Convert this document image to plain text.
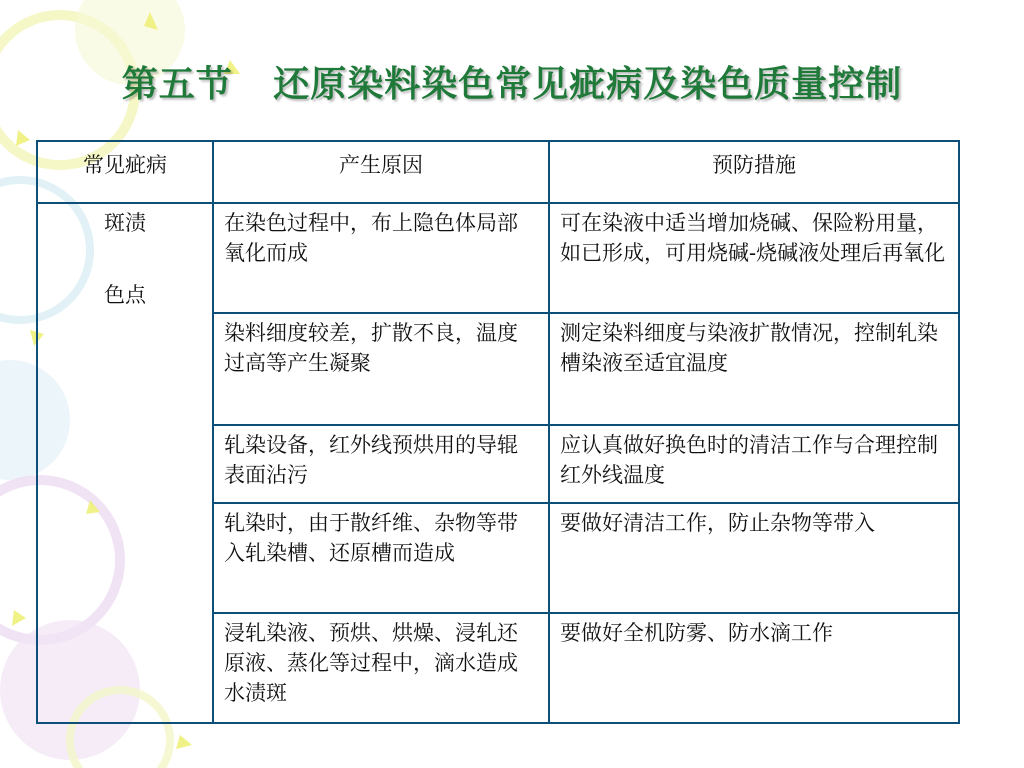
第五节   还原染料染色常见疵病及染色质量控制
常见疵病	产生原因	预防措施

斑渍
色点	在染色过程中，布上隐色体局部氧化而成	可在染液中适当增加烧碱、保险粉用量，如已形成，可用烧碱-烧碱液处理后再氧化
	染料细度较差，扩散不良，温度过高等产生凝聚	测定染料细度与染液扩散情况，控制轧染槽染液至适宜温度
	轧染设备，红外线预烘用的导辊表面沾污	应认真做好换色时的清洁工作与合理控制红外线温度
	轧染时，由于散纤维、杂物等带入轧染槽、还原槽而造成	要做好清洁工作，防止杂物等带入
	浸轧染液、预烘、烘燥、浸轧还原液、蒸化等过程中，滴水造成水渍斑	要做好全机防雾、防水滴工作
